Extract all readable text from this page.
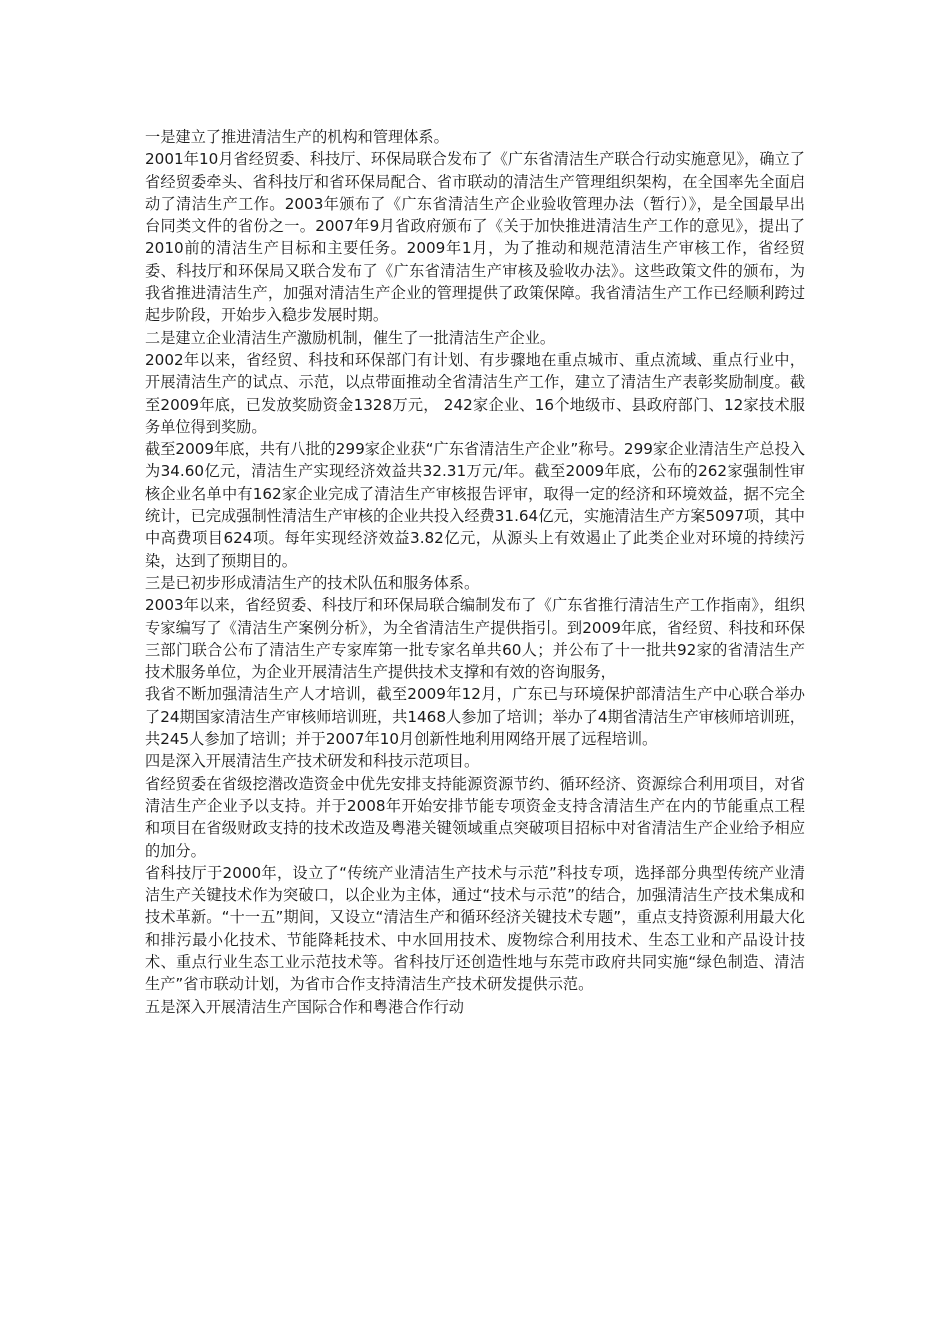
一是建立了推进清洁生产的机构和管理体系。

2001年10月省经贸委、科技厅、环保局联合发布了《广东省清洁生产联合行动实施意见》，确立了省经贸委牵头、省科技厅和省环保局配合、省市联动的清洁生产管理组织架构，在全国率先全面启动了清洁生产工作。2003年颁布了《广东省清洁生产企业验收管理办法（暂行）》，是全国最早出台同类文件的省份之一。2007年9月省政府颁布了《关于加快推进清洁生产工作的意见》，提出了2010前的清洁生产目标和主要任务。2009年1月，为了推动和规范清洁生产审核工作，省经贸委、科技厅和环保局又联合发布了《广东省清洁生产审核及验收办法》。这些政策文件的颁布，为我省推进清洁生产，加强对清洁生产企业的管理提供了政策保障。我省清洁生产工作已经顺利跨过起步阶段，开始步入稳步发展时期。

二是建立企业清洁生产激励机制，催生了一批清洁生产企业。

2002年以来，省经贸、科技和环保部门有计划、有步骤地在重点城市、重点流域、重点行业中，开展清洁生产的试点、示范，以点带面推动全省清洁生产工作，建立了清洁生产表彰奖励制度。截至2009年底，已发放奖励资金1328万元， 242家企业、16个地级市、县政府部门、12家技术服务单位得到奖励。

截至2009年底，共有八批的299家企业获“广东省清洁生产企业”称号。299家企业清洁生产总投入为34.60亿元，清洁生产实现经济效益共32.31万元/年。截至2009年底，公布的262家强制性审核企业名单中有162家企业完成了清洁生产审核报告评审，取得一定的经济和环境效益，据不完全统计，已完成强制性清洁生产审核的企业共投入经费31.64亿元，实施清洁生产方案5097项，其中中高费项目624项。每年实现经济效益3.82亿元，从源头上有效遏止了此类企业对环境的持续污染，达到了预期目的。

三是已初步形成清洁生产的技术队伍和服务体系。

2003年以来，省经贸委、科技厅和环保局联合编制发布了《广东省推行清洁生产工作指南》，组织专家编写了《清洁生产案例分析》，为全省清洁生产提供指引。到2009年底，省经贸、科技和环保三部门联合公布了清洁生产专家库第一批专家名单共60人；并公布了十一批共92家的省清洁生产技术服务单位，为企业开展清洁生产提供技术支撑和有效的咨询服务，

我省不断加强清洁生产人才培训，截至2009年12月，广东已与环境保护部清洁生产中心联合举办了24期国家清洁生产审核师培训班，共1468人参加了培训；举办了4期省清洁生产审核师培训班，共245人参加了培训；并于2007年10月创新性地利用网络开展了远程培训。

四是深入开展清洁生产技术研发和科技示范项目。

省经贸委在省级挖潜改造资金中优先安排支持能源资源节约、循环经济、资源综合利用项目，对省清洁生产企业予以支持。并于2008年开始安排节能专项资金支持含清洁生产在内的节能重点工程和项目在省级财政支持的技术改造及粤港关键领域重点突破项目招标中对省清洁生产企业给予相应的加分。

省科技厅于2000年，设立了“传统产业清洁生产技术与示范”科技专项，选择部分典型传统产业清洁生产关键技术作为突破口，以企业为主体，通过“技术与示范”的结合，加强清洁生产技术集成和技术革新。“十一五”期间，又设立“清洁生产和循环经济关键技术专题”，重点支持资源利用最大化和排污最小化技术、节能降耗技术、中水回用技术、废物综合利用技术、生态工业和产品设计技术、重点行业生态工业示范技术等。省科技厅还创造性地与东莞市政府共同实施“绿色制造、清洁生产”省市联动计划，为省市合作支持清洁生产技术研发提供示范。

五是深入开展清洁生产国际合作和粤港合作行动
